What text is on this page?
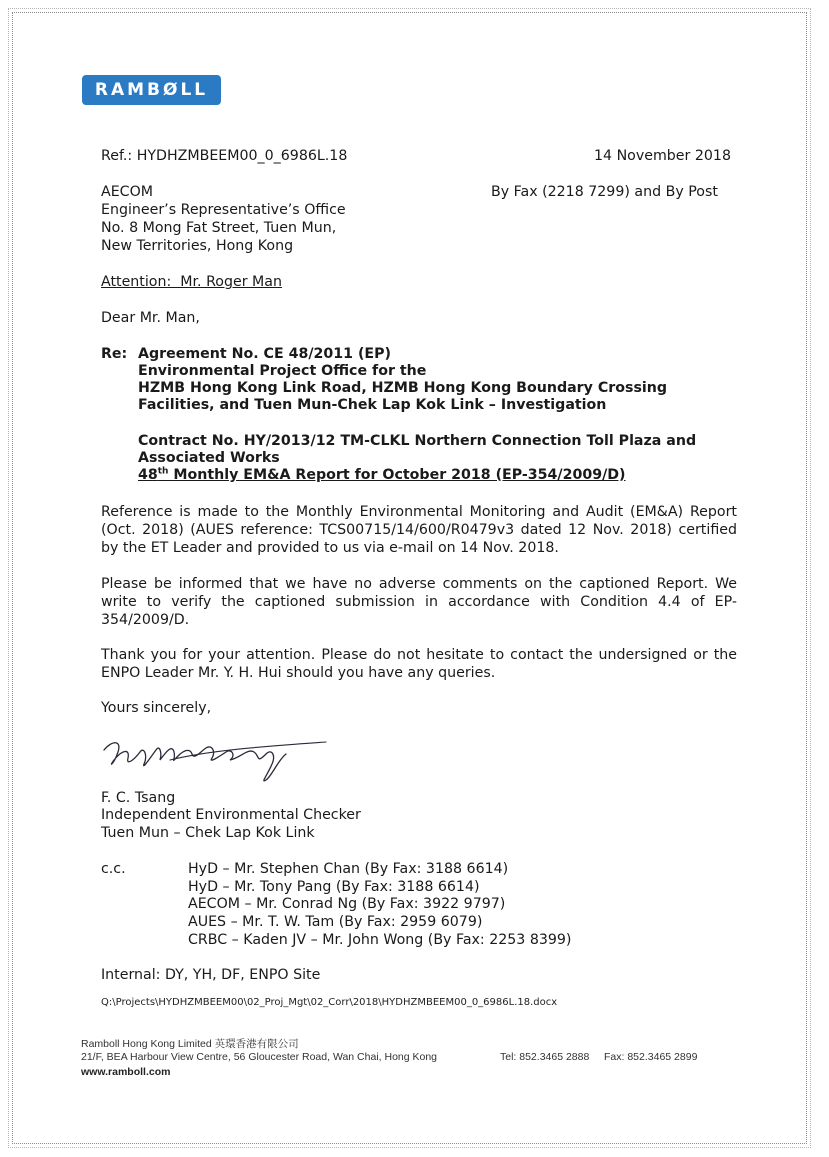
RAMBØLL
Ref.: HYDHZMBEEM00_0_6986L.18	14 November 2018
By Fax (2218 7299) and By Post
AECOM
Engineer’s Representative’s Office
No. 8 Mong Fat Street, Tuen Mun,
New Territories, Hong Kong
Attention:  Mr. Roger Man
Dear Mr. Man,
Re: Agreement No. CE 48/2011 (EP)
Environmental Project Office for the
HZMB Hong Kong Link Road, HZMB Hong Kong Boundary Crossing
Facilities, and Tuen Mun-Chek Lap Kok Link – Investigation
Contract No. HY/2013/12 TM-CLKL Northern Connection Toll Plaza and
Associated Works
48th Monthly EM&A Report for October 2018 (EP-354/2009/D)
Reference is made to the Monthly Environmental Monitoring and Audit (EM&A) Report (Oct. 2018) (AUES reference: TCS00715/14/600/R0479v3 dated 12 Nov. 2018) certified by the ET Leader and provided to us via e-mail on 14 Nov. 2018.
Please be informed that we have no adverse comments on the captioned Report. We write to verify the captioned submission in accordance with Condition 4.4 of EP-354/2009/D.
Thank you for your attention. Please do not hesitate to contact the undersigned or the ENPO Leader Mr. Y. H. Hui should you have any queries.
Yours sincerely,
F. C. Tsang
Independent Environmental Checker
Tuen Mun – Chek Lap Kok Link
c.c.	HyD – Mr. Stephen Chan (By Fax: 3188 6614)
HyD – Mr. Tony Pang (By Fax: 3188 6614)
AECOM – Mr. Conrad Ng (By Fax: 3922 9797)
AUES – Mr. T. W. Tam (By Fax: 2959 6079)
CRBC – Kaden JV – Mr. John Wong (By Fax: 2253 8399)
Internal: DY, YH, DF, ENPO Site
Q:\Projects\HYDHZMBEEM00\02_Proj_Mgt\02_Corr\2018\HYDHZMBEEM00_0_6986L.18.docx
Ramboll Hong Kong Limited 英環香港有限公司
21/F, BEA Harbour View Centre, 56 Gloucester Road, Wan Chai, Hong Kong	Tel: 852.3465 2888 Fax: 852.3465 2899
www.ramboll.com
